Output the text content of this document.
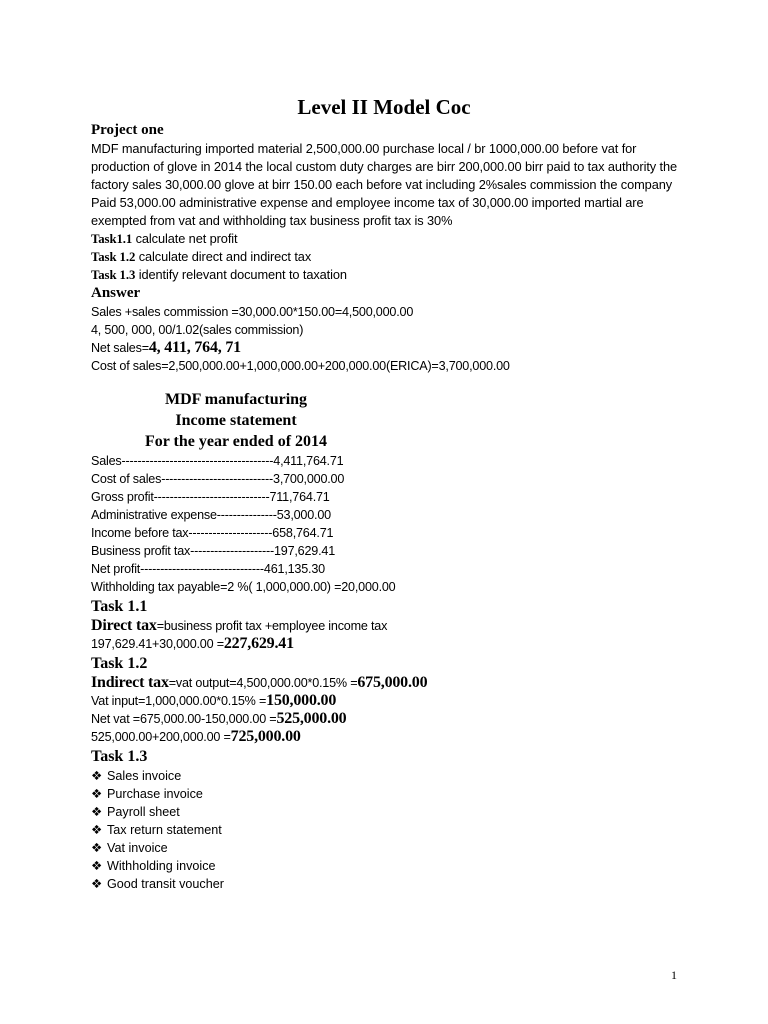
Level II Model Coc
Project one
MDF manufacturing imported material 2,500,000.00 purchase local / br 1000,000.00 before vat for production of glove in 2014 the local custom duty charges are birr 200,000.00 birr paid to tax authority the factory sales 30,000.00 glove at birr 150.00 each before vat including 2%sales commission the company Paid 53,000.00 administrative expense and employee income tax of 30,000.00 imported martial are exempted from vat and withholding tax business profit tax is 30%
Task1.1 calculate net profit
Task 1.2 calculate direct and indirect tax
Task 1.3 identify relevant document to taxation
Answer
Sales +sales commission =30,000.00*150.00=4,500,000.00
4, 500, 000, 00/1.02(sales commission)
Net sales=4, 411, 764, 71
Cost of sales=2,500,000.00+1,000,000.00+200,000.00(ERICA)=3,700,000.00
MDF manufacturing
Income statement
For the year ended of 2014
Sales--------------------------------------4,411,764.71
Cost of sales----------------------------3,700,000.00
Gross profit-----------------------------711,764.71
Administrative expense---------------53,000.00
Income before tax---------------------658,764.71
Business profit tax---------------------197,629.41
Net profit-------------------------------461,135.30
Withholding tax payable=2 %( 1,000,000.00) =20,000.00
Task 1.1
Direct tax=business profit tax +employee income tax
197,629.41+30,000.00 =227,629.41
Task 1.2
Indirect tax=vat output=4,500,000.00*0.15% =675,000.00
Vat input=1,000,000.00*0.15% =150,000.00
Net vat =675,000.00-150,000.00 =525,000.00
525,000.00+200,000.00 =725,000.00
Task 1.3
❖ Sales invoice
❖ Purchase invoice
❖ Payroll sheet
❖ Tax return statement
❖ Vat invoice
❖ Withholding invoice
❖ Good transit voucher
1
